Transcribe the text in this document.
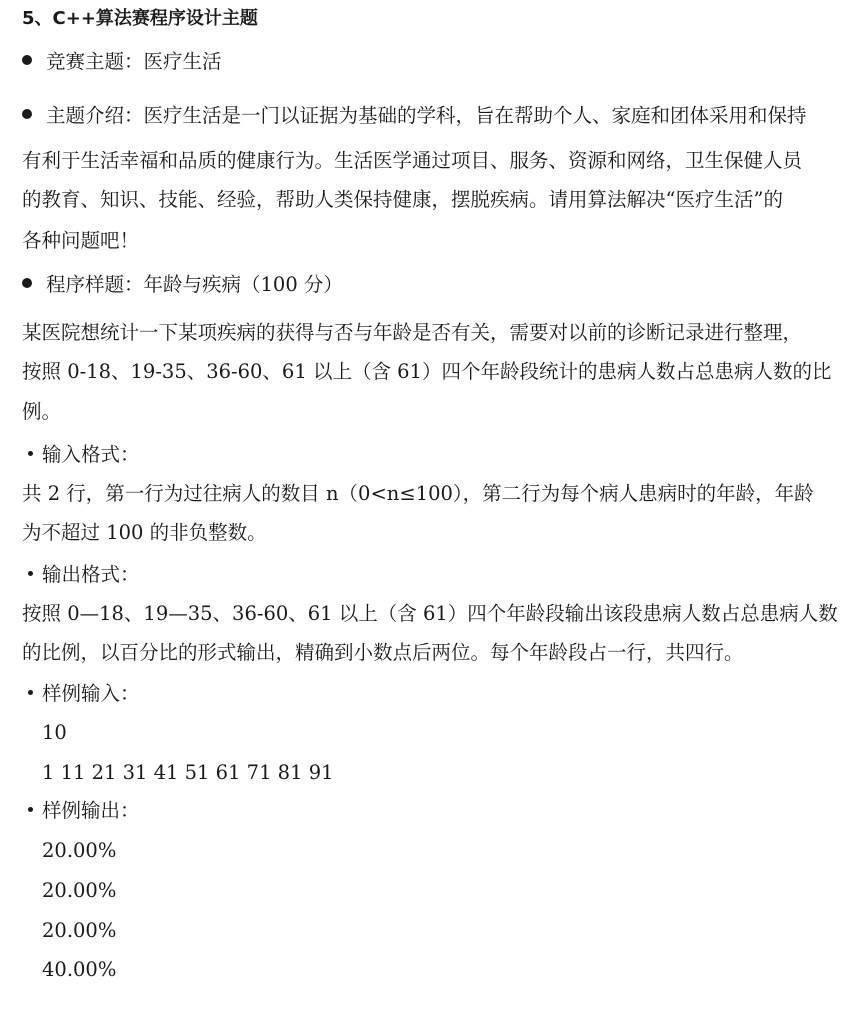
5、C++算法赛程序设计主题
竞赛主题：医疗生活
主题介绍：医疗生活是一门以证据为基础的学科，旨在帮助个人、家庭和团体采用和保持
有利于生活幸福和品质的健康行为。生活医学通过项目、服务、资源和网络，卫生保健人员
的教育、知识、技能、经验，帮助人类保持健康，摆脱疾病。请用算法解决“医疗生活”的
各种问题吧！
程序样题：年龄与疾病（100 分）
某医院想统计一下某项疾病的获得与否与年龄是否有关，需要对以前的诊断记录进行整理，
按照 0-18、19-35、36-60、61 以上（含 61）四个年龄段统计的患病人数占总患病人数的比
例。
输入格式：
共 2 行，第一行为过往病人的数目 n（0<n≤100），第二行为每个病人患病时的年龄，年龄
为不超过 100 的非负整数。
输出格式：
按照 0—18、19—35、36-60、61 以上（含 61）四个年龄段输出该段患病人数占总患病人数
的比例，以百分比的形式输出，精确到小数点后两位。每个年龄段占一行，共四行。
样例输入：
10
1 11 21 31 41 51 61 71 81 91
样例输出：
20.00%
20.00%
20.00%
40.00%
